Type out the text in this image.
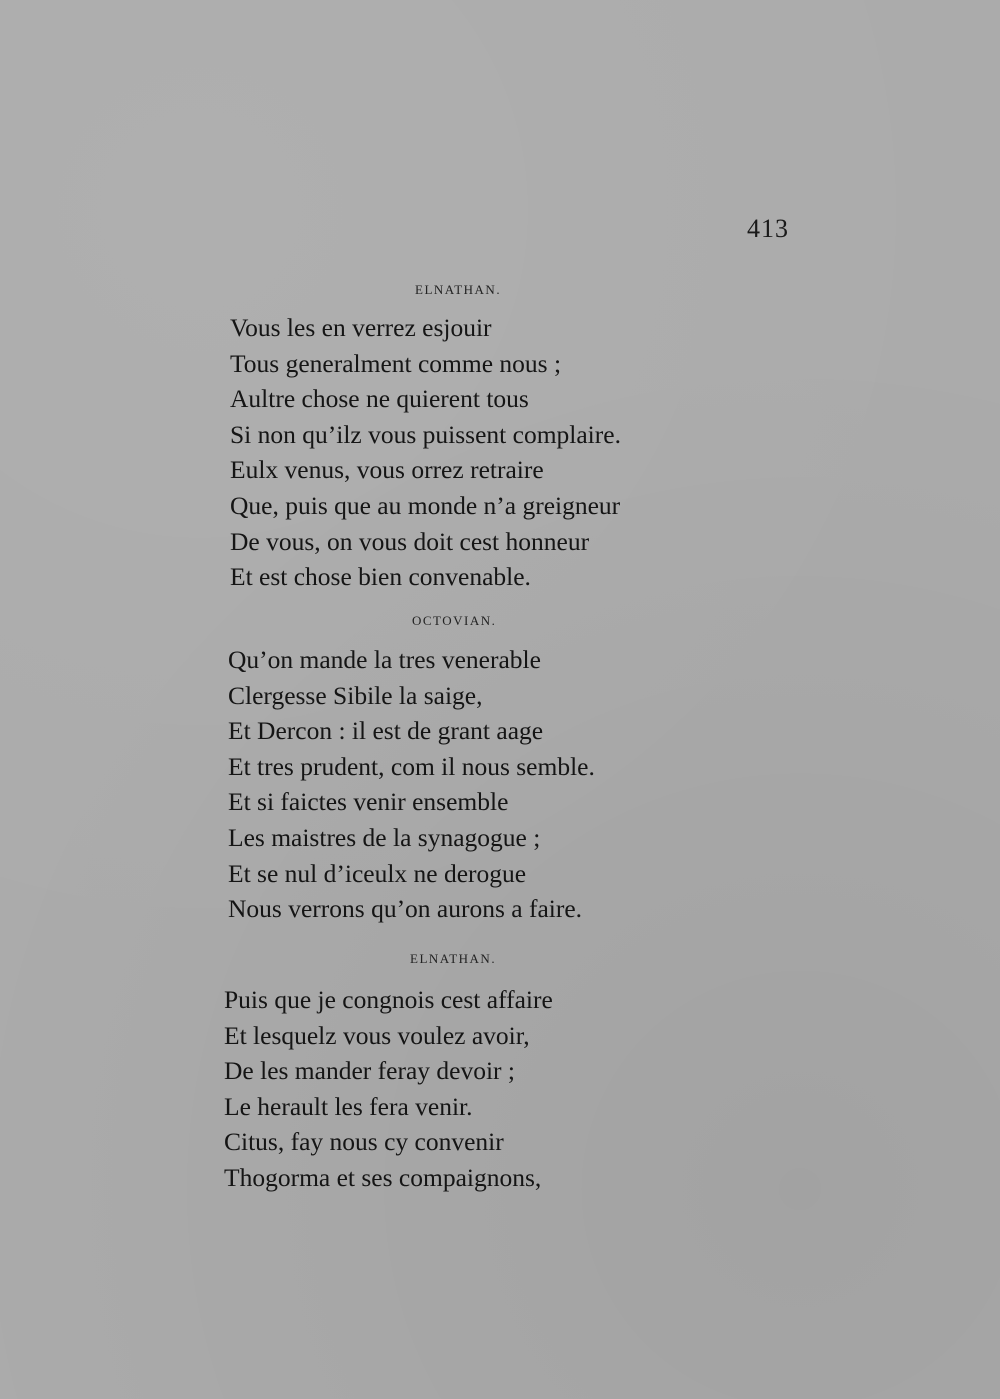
413
ELNATHAN.
Vous les en verrez esjouir
Tous generalment comme nous ;
Aultre chose ne quierent tous
Si non qu’ilz vous puissent complaire.
Eulx venus, vous orrez retraire
Que, puis que au monde n’a greigneur
De vous, on vous doit cest honneur
Et est chose bien convenable.
OCTOVIAN.
Qu’on mande la tres venerable
Clergesse Sibile la saige,
Et Dercon : il est de grant aage
Et tres prudent, com il nous semble.
Et si faictes venir ensemble
Les maistres de la synagogue ;
Et se nul d’iceulx ne derogue
Nous verrons qu’on aurons a faire.
ELNATHAN.
Puis que je congnois cest affaire
Et lesquelz vous voulez avoir,
De les mander feray devoir ;
Le herault les fera venir.
Citus, fay nous cy convenir
Thogorma et ses compaignons,
